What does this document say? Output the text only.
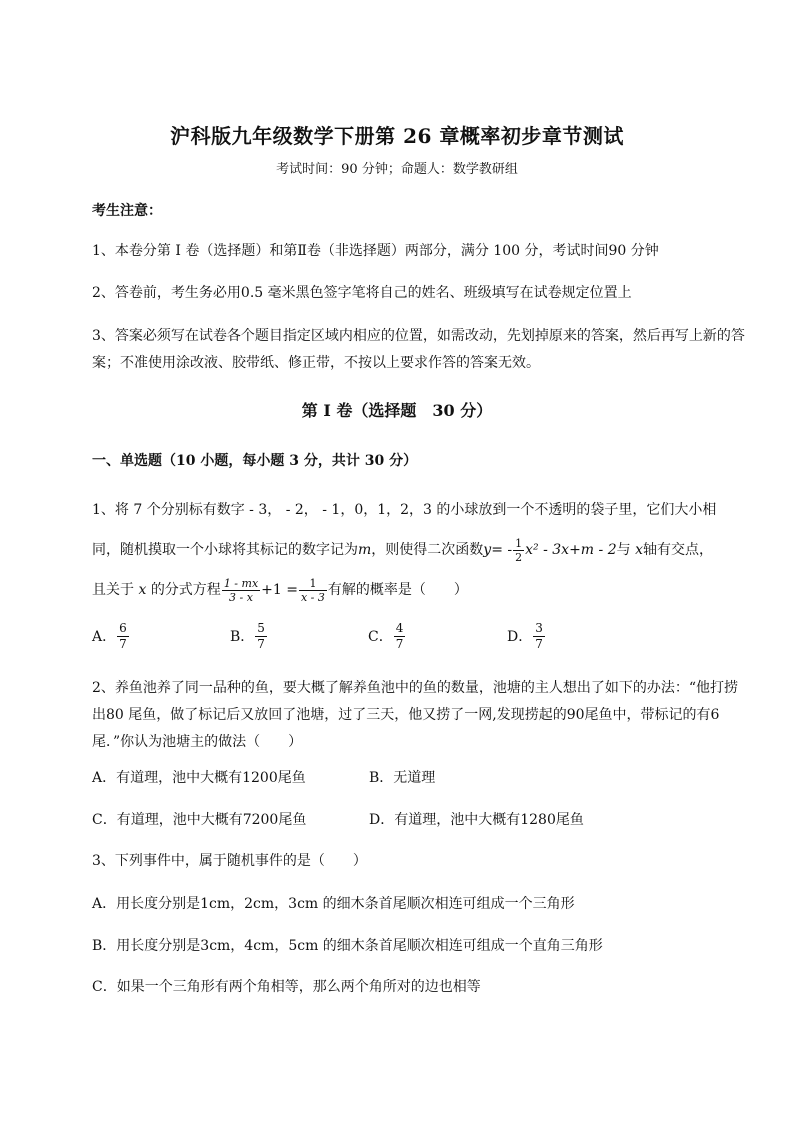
沪科版九年级数学下册第 26 章概率初步章节测试
考试时间：90 分钟；命题人：数学教研组
考生注意：
1、本卷分第 I 卷（选择题）和第Ⅱ卷（非选择题）两部分，满分 100 分，考试时间90 分钟
2、答卷前，考生务必用0.5 毫米黑色签字笔将自己的姓名、班级填写在试卷规定位置上
3、答案必须写在试卷各个题目指定区域内相应的位置，如需改动，先划掉原来的答案，然后再写上新的答案；不准使用涂改液、胶带纸、修正带，不按以上要求作答的答案无效。
第 I 卷（选择题　30 分）
一、单选题（10 小题，每小题 3 分，共计 30 分）
1、将 7 个分别标有数字 - 3， - 2， - 1，0，1，2，3 的小球放到一个不透明的袋子里，它们大小相
同，随机摸取一个小球将其标记的数字记为m，则使得二次函数$y= - \frac{1}{2} x^2 - 3x+m - 2$与 x轴有交点，
且关于 x 的分式方程 $\frac{1 - mx}{3 - x} +1 = \frac{1}{x - 3}$ 有解的概率是（　　）
A． $\frac{6}{7}$	B． $\frac{5}{7}$	C． $\frac{4}{7}$	D． $\frac{3}{7}$
2、养鱼池养了同一品种的鱼，要大概了解养鱼池中的鱼的数量，池塘的主人想出了如下的办法：“他打捞出80 尾鱼，做了标记后又放回了池塘，过了三天，他又捞了一网,发现捞起的90尾鱼中，带标记的有6 尾．”你认为池塘主的做法（　　）
A．有道理，池中大概有1200尾鱼	B．无道理
C．有道理，池中大概有7200尾鱼	D．有道理，池中大概有1280尾鱼
3、下列事件中，属于随机事件的是（　　）
A．用长度分别是1cm，2cm，3cm 的细木条首尾顺次相连可组成一个三角形
B．用长度分别是3cm，4cm，5cm 的细木条首尾顺次相连可组成一个直角三角形
C．如果一个三角形有两个角相等，那么两个角所对的边也相等
